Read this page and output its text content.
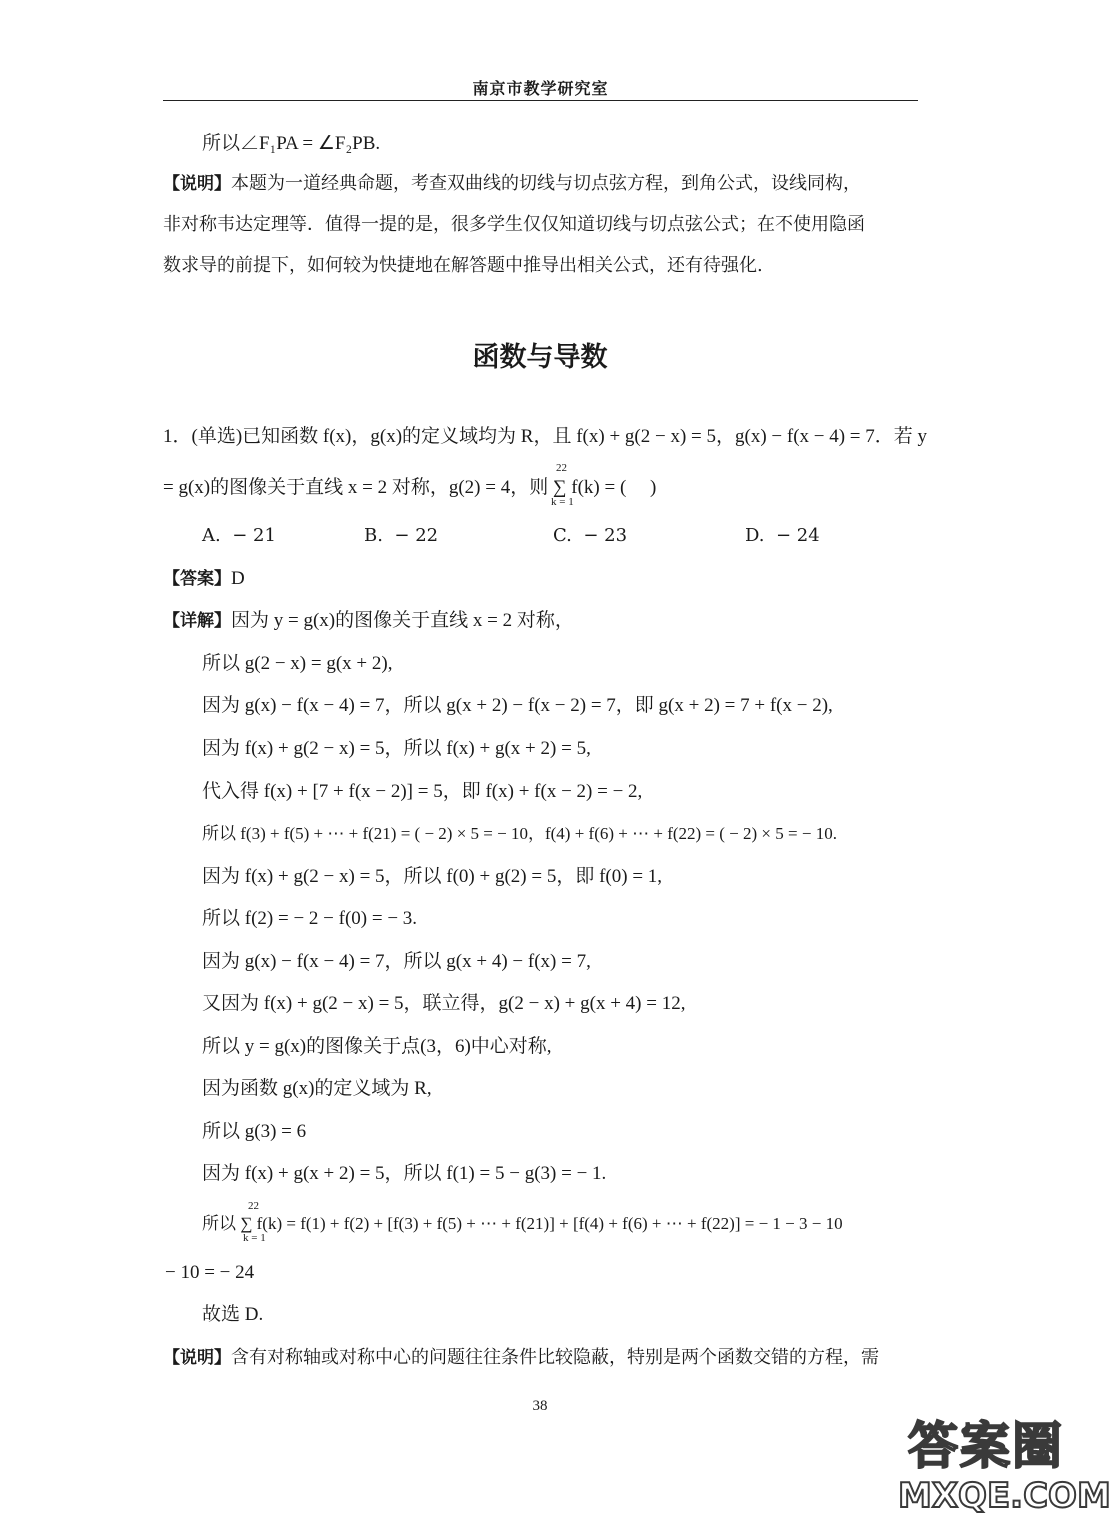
南京市教学研究室
所以∠F₁PA = ∠F₂PB.
【说明】本题为一道经典命题，考查双曲线的切线与切点弦方程，到角公式，设线同构，
非对称韦达定理等．值得一提的是，很多学生仅仅知道切线与切点弦公式；在不使用隐函
数求导的前提下，如何较为快捷地在解答题中推导出相关公式，还有待强化.
函数与导数
1．(单选)已知函数 f(x)，g(x)的定义域均为 R，且 f(x) + g(2 − x) = 5，g(x) − f(x − 4) = 7．若 y
= g(x)的图像关于直线 x = 2 对称，g(2) = 4，则 ∑ f(k) = (　 )
22
k = 1
A. − 21	B. − 22	C. − 23	D. − 24
【答案】D
【详解】因为 y = g(x)的图像关于直线 x = 2 对称，
所以 g(2 − x) = g(x + 2),
因为 g(x) − f(x − 4) = 7，所以 g(x + 2) − f(x − 2) = 7，即 g(x + 2) = 7 + f(x − 2),
因为 f(x) + g(2 − x) = 5，所以 f(x) + g(x + 2) = 5,
代入得 f(x) + [7 + f(x − 2)] = 5，即 f(x) + f(x − 2) = − 2,
所以 f(3) + f(5) + ⋯ + f(21) = ( − 2) × 5 = − 10，f(4) + f(6) + ⋯ + f(22) = ( − 2) × 5 = − 10.
因为 f(x) + g(2 − x) = 5，所以 f(0) + g(2) = 5，即 f(0) = 1,
所以 f(2) = − 2 − f(0) = − 3.
因为 g(x) − f(x − 4) = 7，所以 g(x + 4) − f(x) = 7,
又因为 f(x) + g(2 − x) = 5，联立得，g(2 − x) + g(x + 4) = 12,
所以 y = g(x)的图像关于点(3，6)中心对称,
因为函数 g(x)的定义域为 R,
所以 g(3) = 6
因为 f(x) + g(x + 2) = 5，所以 f(1) = 5 − g(3) = − 1.
所以 ∑ f(k) = f(1) + f(2) + [f(3) + f(5) + ⋯ + f(21)] + [f(4) + f(6) + ⋯ + f(22)] = − 1 − 3 − 10
22
k = 1
− 10 = − 24
故选 D.
【说明】含有对称轴或对称中心的问题往往条件比较隐蔽，特别是两个函数交错的方程，需
38
答案圈
MXQE.COM
